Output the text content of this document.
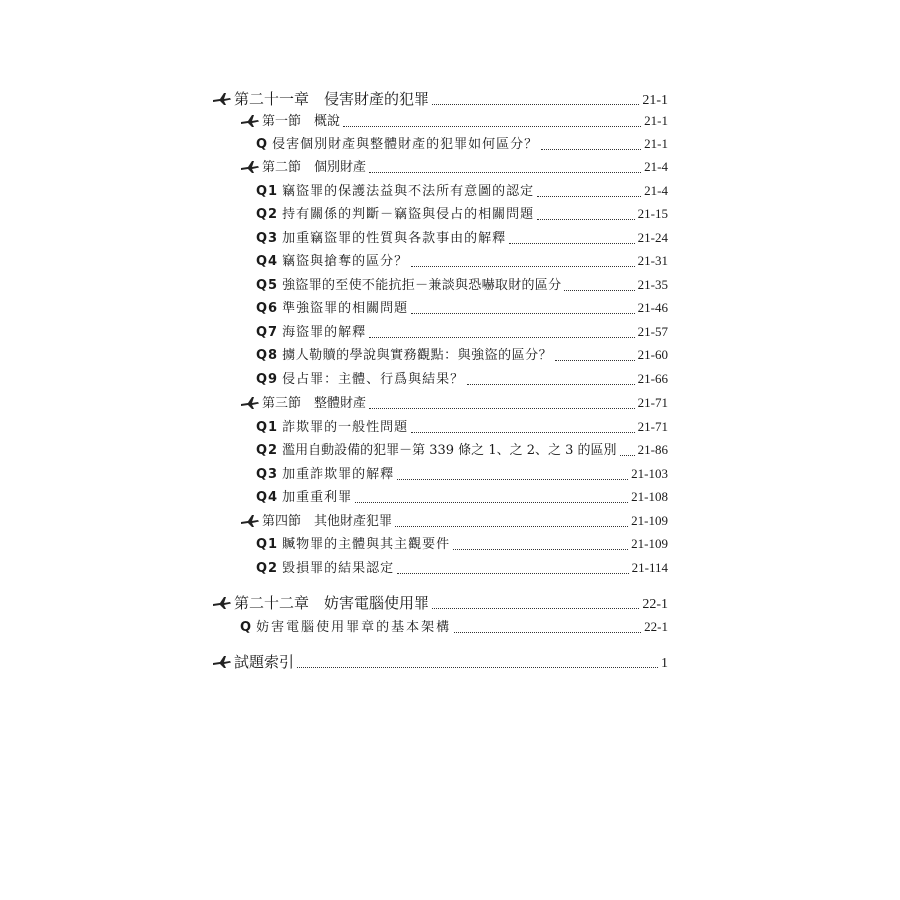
第二十一章　侵害財產的犯罪	21-1
第一節　概說	21-1
Q 侵害個別財產與整體財產的犯罪如何區分？	21-1
第二節　個別財產	21-4
Q1 竊盜罪的保護法益與不法所有意圖的認定	21-4
Q2 持有關係的判斷－竊盜與侵占的相關問題	21-15
Q3 加重竊盜罪的性質與各款事由的解釋	21-24
Q4 竊盜與搶奪的區分？	21-31
Q5 強盜罪的至使不能抗拒－兼談與恐嚇取財的區分	21-35
Q6 準強盜罪的相關問題	21-46
Q7 海盜罪的解釋	21-57
Q8 擄人勒贖的學說與實務觀點：與強盜的區分？	21-60
Q9 侵占罪：主體、行爲與結果？	21-66
第三節　整體財產	21-71
Q1 詐欺罪的一般性問題	21-71
Q2 濫用自動設備的犯罪－第 339 條之 1、之 2、之 3 的區別 21-86
Q3 加重詐欺罪的解釋	21-103
Q4 加重重利罪	21-108
第四節　其他財產犯罪	21-109
Q1 贓物罪的主體與其主觀要件	21-109
Q2 毀損罪的結果認定	21-114
第二十二章　妨害電腦使用罪	22-1
Q 妨害電腦使用罪章的基本架構	22-1
試題索引	1
